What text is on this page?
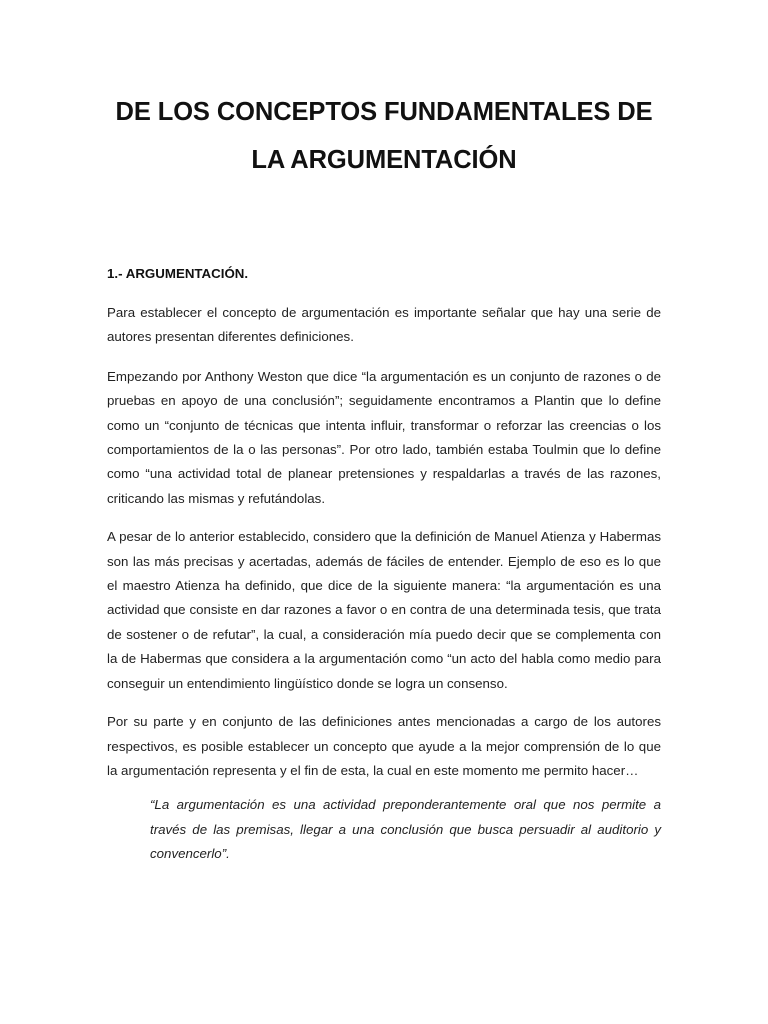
DE LOS CONCEPTOS FUNDAMENTALES DE
LA ARGUMENTACIÓN
1.- ARGUMENTACIÓN.

Para establecer el concepto de argumentación es importante señalar que hay una serie de autores presentan diferentes definiciones.

Empezando por Anthony Weston que dice “la argumentación es un conjunto de razones o de pruebas en apoyo de una conclusión”; seguidamente encontramos a Plantin que lo define como un “conjunto de técnicas que intenta influir, transformar o reforzar las creencias o los comportamientos de la o las personas”. Por otro lado, también estaba Toulmin que lo define como “una actividad total de planear pretensiones y respaldarlas a través de las razones, criticando las mismas y refutándolas.

A pesar de lo anterior establecido, considero que la definición de Manuel Atienza y Habermas son las más precisas y acertadas, además de fáciles de entender. Ejemplo de eso es lo que el maestro Atienza ha definido, que dice de la siguiente manera: “la argumentación es una actividad que consiste en dar razones a favor o en contra de una determinada tesis, que trata de sostener o de refutar”, la cual, a consideración mía puedo decir que se complementa con la de Habermas que considera a la argumentación como “un acto del habla como medio para conseguir un entendimiento lingüístico donde se logra un consenso.

Por su parte y en conjunto de las definiciones antes mencionadas a cargo de los autores respectivos, es posible establecer un concepto que ayude a la mejor comprensión de lo que la argumentación representa y el fin de esta, la cual en este momento me permito hacer…

“La argumentación es una actividad preponderantemente oral que nos permite a través de las premisas, llegar a una conclusión que busca persuadir al auditorio y convencerlo”.
